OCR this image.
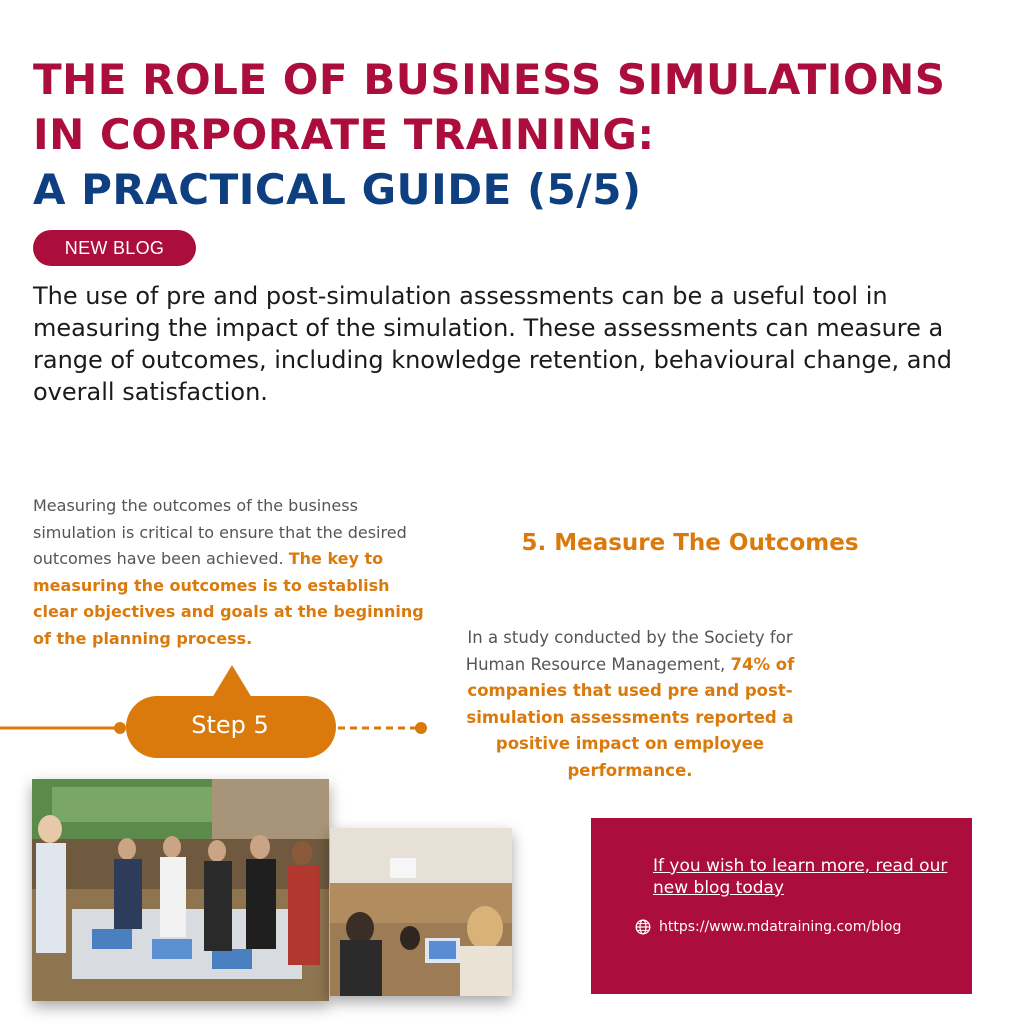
THE ROLE OF BUSINESS SIMULATIONS
IN CORPORATE TRAINING:
A PRACTICAL GUIDE (5/5)
NEW BLOG

The use of pre and post-simulation assessments can be a useful tool in measuring the impact of the simulation. These assessments can measure a range of outcomes, including knowledge retention, behavioural change, and overall satisfaction.

Measuring the outcomes of the business simulation is critical to ensure that the desired outcomes have been achieved. The key to measuring the outcomes is to establish clear objectives and goals at the beginning of the planning process.

5. Measure The Outcomes

In a study conducted by the Society for Human Resource Management, 74% of companies that used pre and post-simulation assessments reported a positive impact on employee performance.

Step 5
If you wish to learn more, read our new blog today
https://www.mdatraining.com/blog
